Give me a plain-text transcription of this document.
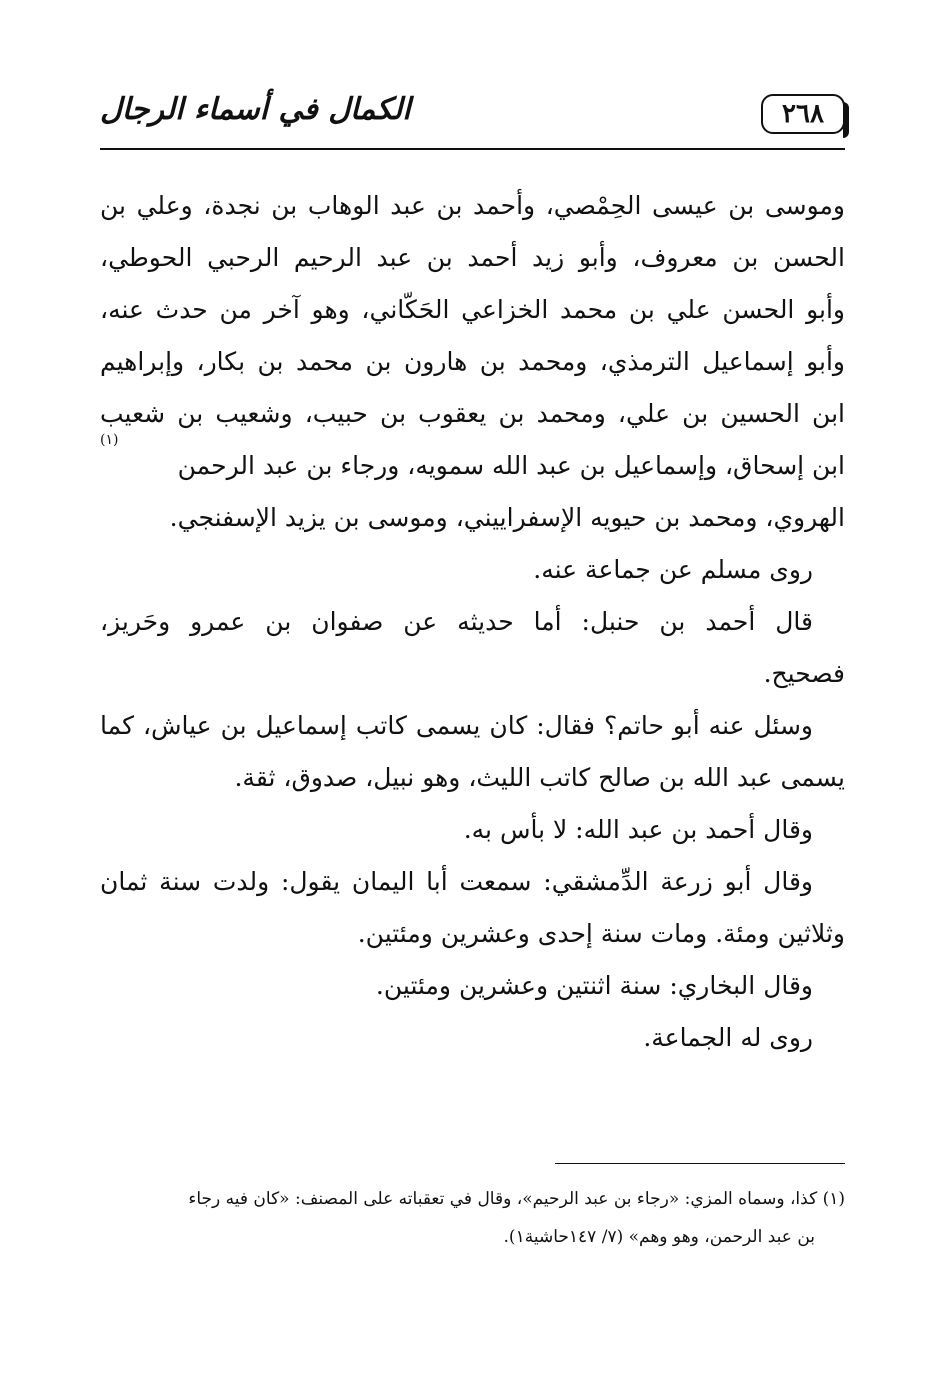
٢٦٨
الكمال في أسماء الرجال
وموسى بن عيسى الحِمْصي، وأحمد بن عبد الوهاب بن نجدة، وعلي بن
الحسن بن معروف، وأبو زيد أحمد بن عبد الرحيم الرحبي الحوطي،
وأبو الحسن علي بن محمد الخزاعي الحَكّاني، وهو آخر من حدث عنه،
وأبو إسماعيل الترمذي، ومحمد بن هارون بن محمد بن بكار، وإبراهيم
ابن الحسين بن علي، ومحمد بن يعقوب بن حبيب، وشعيب بن شعيب
ابن إسحاق، وإسماعيل بن عبد الله سمويه، ورجاء بن عبد الرحمن
(١)
الهروي، ومحمد بن حيويه الإسفراييني، وموسى بن يزيد الإسفنجي.
روى مسلم عن جماعة عنه.
قال أحمد بن حنبل: أما حديثه عن صفوان بن عمرو وحَريز،
فصحيح.
وسئل عنه أبو حاتم؟ فقال: كان يسمى كاتب إسماعيل بن عياش، كما
يسمى عبد الله بن صالح كاتب الليث، وهو نبيل، صدوق، ثقة.
وقال أحمد بن عبد الله: لا بأس به.
وقال أبو زرعة الدِّمشقي: سمعت أبا اليمان يقول: ولدت سنة ثمان
وثلاثين ومئة. ومات سنة إحدى وعشرين ومئتين.
وقال البخاري: سنة اثنتين وعشرين ومئتين.
روى له الجماعة.
(١) كذا، وسماه المزي: «رجاء بن عبد الرحيم»، وقال في تعقباته على المصنف: «كان فيه رجاء
بن عبد الرحمن، وهو وهم» (٧/ ١٤٧حاشية١).
